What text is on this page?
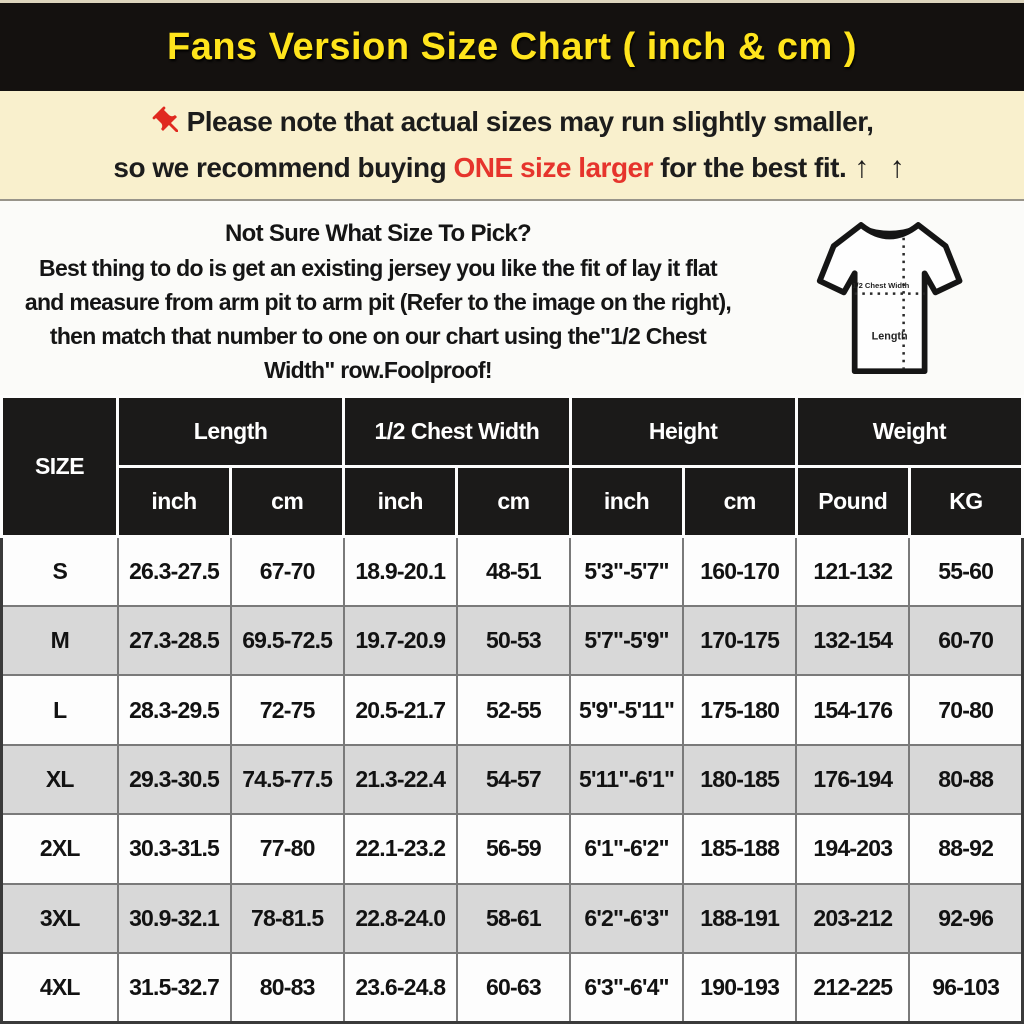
Fans Version Size Chart ( inch & cm )
Please note that actual sizes may run slightly smaller,
so we recommend buying ONE size larger for the best fit. ↑ ↑
Not Sure What Size To Pick?
Best thing to do is get an existing jersey you like the fit of lay it flat
and measure from arm pit to arm pit (Refer to the image on the right),
then match that number to one on our chart using the"1/2 Chest
Width" row.Foolproof!
1/2 Chest Width
Length
SIZE	Length		1/2 Chest Width		Height		Weight	
	inch	cm	inch	cm	inch	cm	Pound	KG
S	26.3-27.5	67-70	18.9-20.1	48-51	5'3"-5'7"	160-170	121-132	55-60
M	27.3-28.5	69.5-72.5	19.7-20.9	50-53	5'7"-5'9"	170-175	132-154	60-70
L	28.3-29.5	72-75	20.5-21.7	52-55	5'9"-5'11"	175-180	154-176	70-80
XL	29.3-30.5	74.5-77.5	21.3-22.4	54-57	5'11"-6'1"	180-185	176-194	80-88
2XL	30.3-31.5	77-80	22.1-23.2	56-59	6'1"-6'2"	185-188	194-203	88-92
3XL	30.9-32.1	78-81.5	22.8-24.0	58-61	6'2"-6'3"	188-191	203-212	92-96
4XL	31.5-32.7	80-83	23.6-24.8	60-63	6'3"-6'4"	190-193	212-225	96-103
